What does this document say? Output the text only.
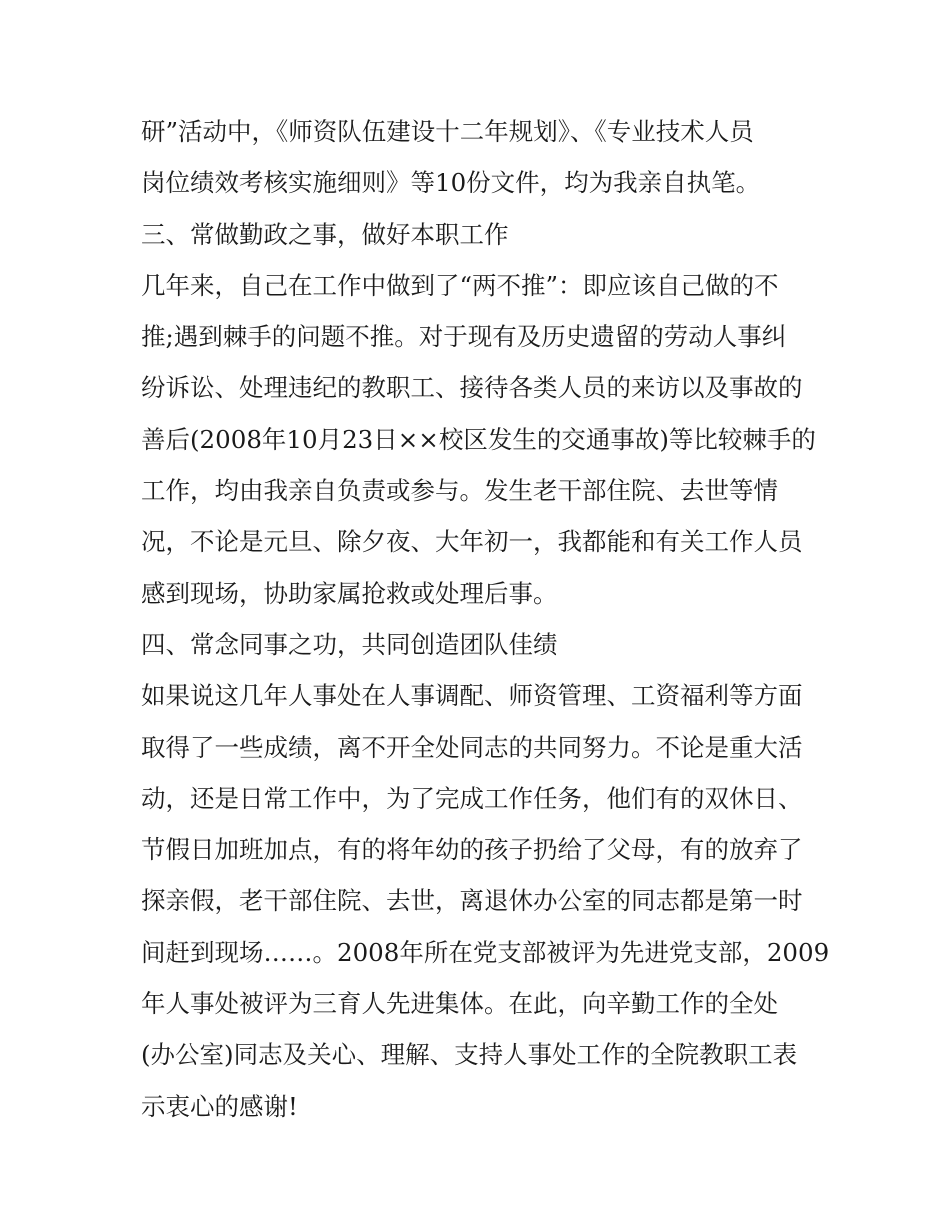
研”活动中，《师资队伍建设十二年规划》、《专业技术人员
岗位绩效考核实施细则》等10份文件，均为我亲自执笔。
三、常做勤政之事，做好本职工作
几年来，自己在工作中做到了“两不推”：即应该自己做的不
推;遇到棘手的问题不推。对于现有及历史遗留的劳动人事纠
纷诉讼、处理违纪的教职工、接待各类人员的来访以及事故的
善后(2008年10月23日××校区发生的交通事故)等比较棘手的
工作，均由我亲自负责或参与。发生老干部住院、去世等情
况，不论是元旦、除夕夜、大年初一，我都能和有关工作人员
感到现场，协助家属抢救或处理后事。
四、常念同事之功，共同创造团队佳绩
如果说这几年人事处在人事调配、师资管理、工资福利等方面
取得了一些成绩，离不开全处同志的共同努力。不论是重大活
动，还是日常工作中，为了完成工作任务，他们有的双休日、
节假日加班加点，有的将年幼的孩子扔给了父母，有的放弃了
探亲假，老干部住院、去世，离退休办公室的同志都是第一时
间赶到现场……。2008年所在党支部被评为先进党支部，2009
年人事处被评为三育人先进集体。在此，向辛勤工作的全处
(办公室)同志及关心、理解、支持人事处工作的全院教职工表
示衷心的感谢!
